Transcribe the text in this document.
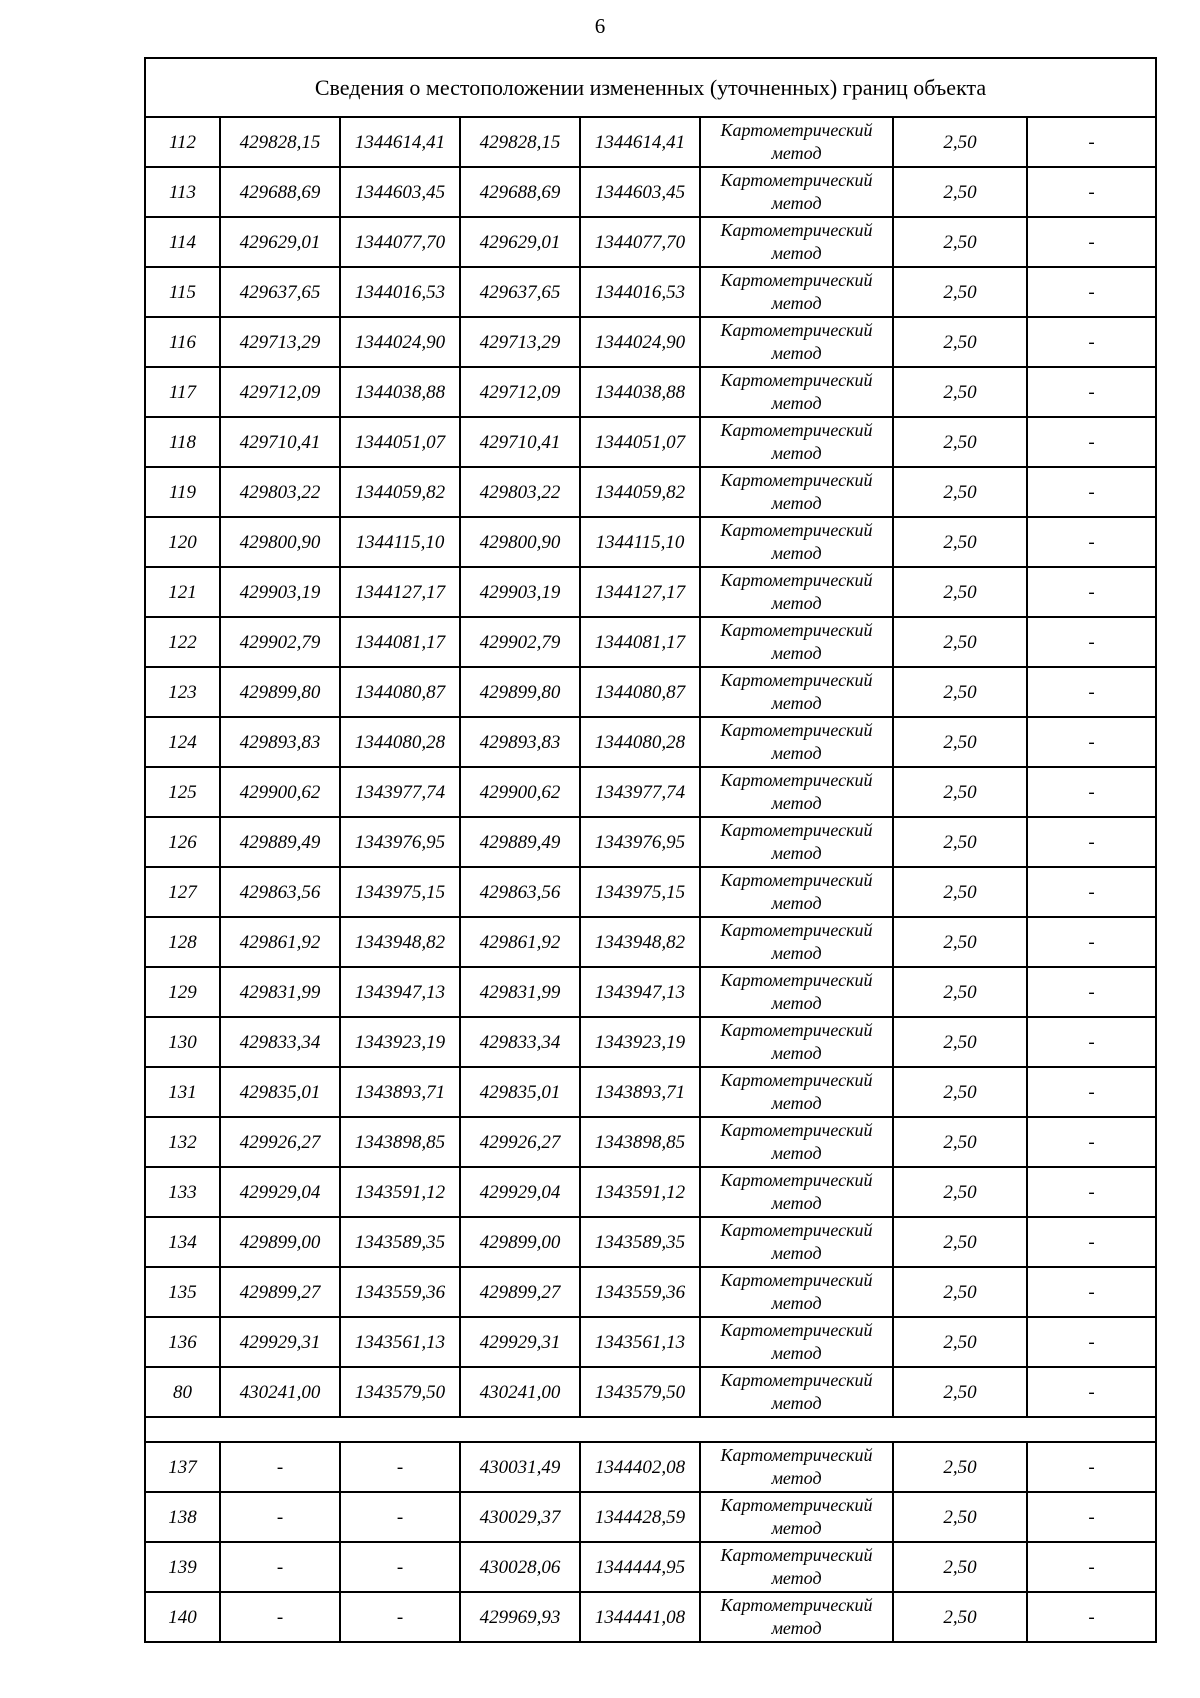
6
Сведения о местоположении измененных (уточненных) границ объекта							
112	429828,15	1344614,41	429828,15	1344614,41	Картометрический метод	2,50	-
113	429688,69	1344603,45	429688,69	1344603,45	Картометрический метод	2,50	-
114	429629,01	1344077,70	429629,01	1344077,70	Картометрический метод	2,50	-
115	429637,65	1344016,53	429637,65	1344016,53	Картометрический метод	2,50	-
116	429713,29	1344024,90	429713,29	1344024,90	Картометрический метод	2,50	-
117	429712,09	1344038,88	429712,09	1344038,88	Картометрический метод	2,50	-
118	429710,41	1344051,07	429710,41	1344051,07	Картометрический метод	2,50	-
119	429803,22	1344059,82	429803,22	1344059,82	Картометрический метод	2,50	-
120	429800,90	1344115,10	429800,90	1344115,10	Картометрический метод	2,50	-
121	429903,19	1344127,17	429903,19	1344127,17	Картометрический метод	2,50	-
122	429902,79	1344081,17	429902,79	1344081,17	Картометрический метод	2,50	-
123	429899,80	1344080,87	429899,80	1344080,87	Картометрический метод	2,50	-
124	429893,83	1344080,28	429893,83	1344080,28	Картометрический метод	2,50	-
125	429900,62	1343977,74	429900,62	1343977,74	Картометрический метод	2,50	-
126	429889,49	1343976,95	429889,49	1343976,95	Картометрический метод	2,50	-
127	429863,56	1343975,15	429863,56	1343975,15	Картометрический метод	2,50	-
128	429861,92	1343948,82	429861,92	1343948,82	Картометрический метод	2,50	-
129	429831,99	1343947,13	429831,99	1343947,13	Картометрический метод	2,50	-
130	429833,34	1343923,19	429833,34	1343923,19	Картометрический метод	2,50	-
131	429835,01	1343893,71	429835,01	1343893,71	Картометрический метод	2,50	-
132	429926,27	1343898,85	429926,27	1343898,85	Картометрический метод	2,50	-
133	429929,04	1343591,12	429929,04	1343591,12	Картометрический метод	2,50	-
134	429899,00	1343589,35	429899,00	1343589,35	Картометрический метод	2,50	-
135	429899,27	1343559,36	429899,27	1343559,36	Картометрический метод	2,50	-
136	429929,31	1343561,13	429929,31	1343561,13	Картометрический метод	2,50	-
80	430241,00	1343579,50	430241,00	1343579,50	Картометрический метод	2,50	-

137	-	-	430031,49	1344402,08	Картометрический метод	2,50	-
138	-	-	430029,37	1344428,59	Картометрический метод	2,50	-
139	-	-	430028,06	1344444,95	Картометрический метод	2,50	-
140	-	-	429969,93	1344441,08	Картометрический метод	2,50	-
